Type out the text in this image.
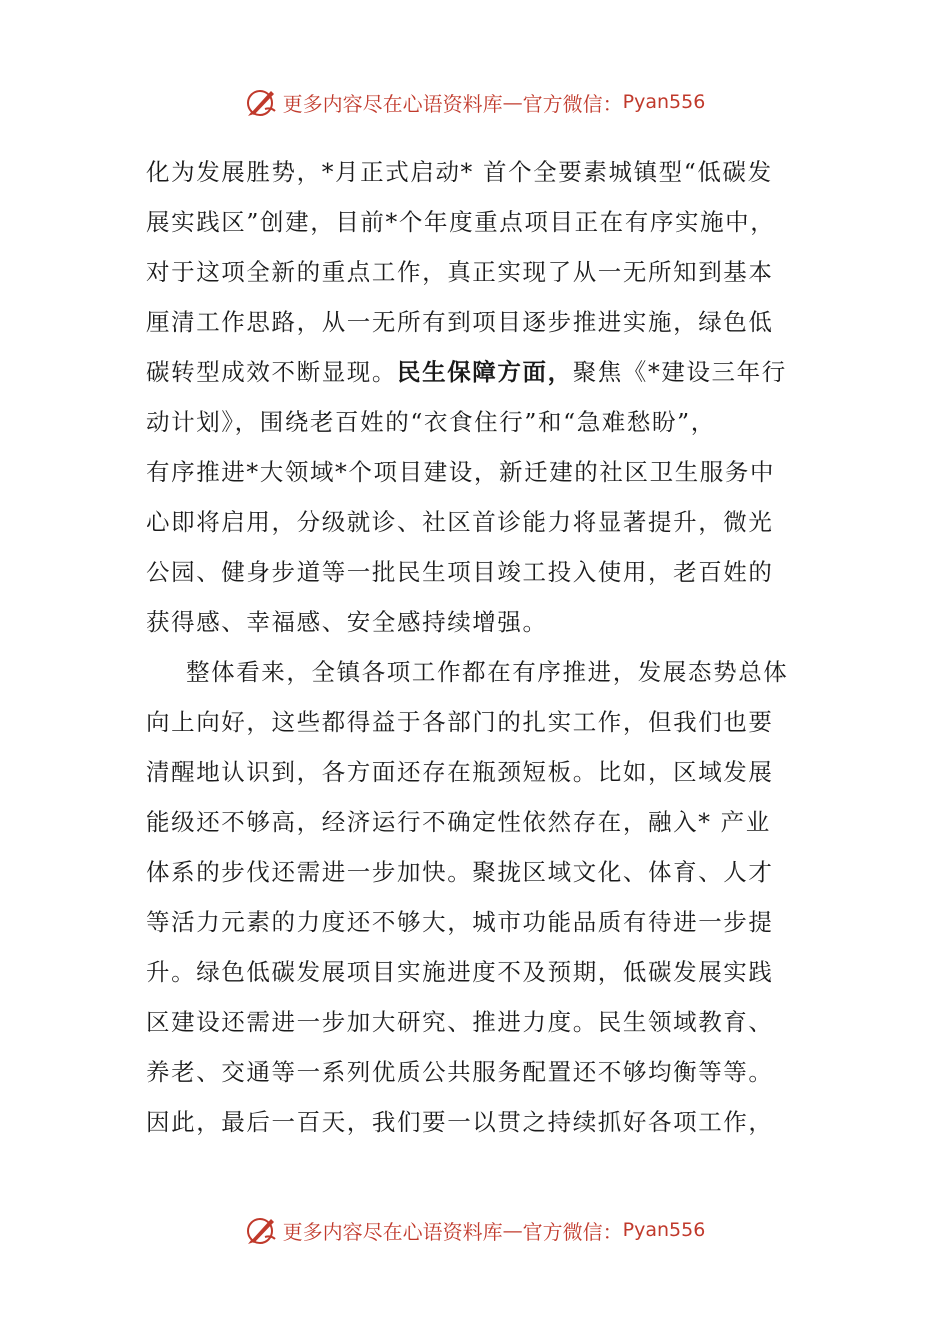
更多内容尽在心语资料库 — 官方微信： Pyan556
化为发展胜势，*月正式启动* 首个全要素城镇型“低碳发
展实践区”创建，目前*个年度重点项目正在有序实施中，
对于这项全新的重点工作，真正实现了从一无所知到基本
厘清工作思路，从一无所有到项目逐步推进实施，绿色低
碳转型成效不断显现。民生保障方面，聚焦《*建设三年行
动计划》，围绕老百姓的“衣食住行”和“急难愁盼”，
有序推进*大领域*个项目建设，新迁建的社区卫生服务中
心即将启用，分级就诊、社区首诊能力将显著提升，微光
公园、健身步道等一批民生项目竣工投入使用，老百姓的
获得感、幸福感、安全感持续增强。
整体看来，全镇各项工作都在有序推进，发展态势总体
向上向好，这些都得益于各部门的扎实工作，但我们也要
清醒地认识到，各方面还存在瓶颈短板。比如，区域发展
能级还不够高，经济运行不确定性依然存在，融入* 产业
体系的步伐还需进一步加快。聚拢区域文化、体育、人才
等活力元素的力度还不够大，城市功能品质有待进一步提
升。绿色低碳发展项目实施进度不及预期，低碳发展实践
区建设还需进一步加大研究、推进力度。民生领域教育、
养老、交通等一系列优质公共服务配置还不够均衡等等。
因此，最后一百天，我们要一以贯之持续抓好各项工作，
更多内容尽在心语资料库 — 官方微信： Pyan556
